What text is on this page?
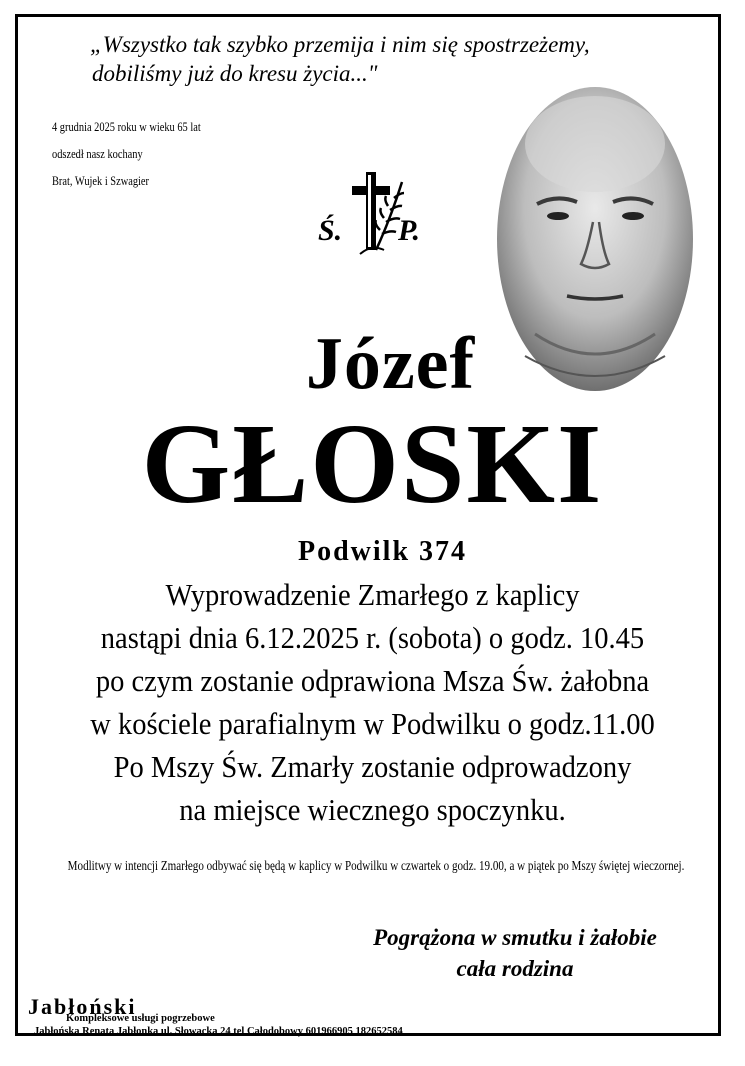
„Wszystko tak szybko przemija i nim się spostrzeżemy,
dobiliśmy już do kresu życia..."
4 grudnia 2025 roku w wieku 65 lat
odszedł nasz kochany
Brat, Wujek i Szwagier
Ś. P.
Józef
GŁOSKI
Podwilk 374
Wyprowadzenie Zmarłego z kaplicy
nastąpi dnia 6.12.2025 r. (sobota) o godz. 10.45
po czym zostanie odprawiona Msza Św. żałobna
w kościele parafialnym w Podwilku o godz.11.00
Po Mszy Św. Zmarły zostanie odprowadzony
na miejsce wiecznego spoczynku.
Modlitwy w intencji Zmarłego odbywać się będą w kaplicy w Podwilku w czwartek o godz. 19.00, a w piątek po Mszy świętej wieczornej.
Pogrążona w smutku i żałobie
cała rodzina
Jabłoński
Kompleksowe usługi pogrzebowe
Jabłońska Renata Jabłonka ul. Słowacka 24 tel Całodobowy 601966905 182652584
